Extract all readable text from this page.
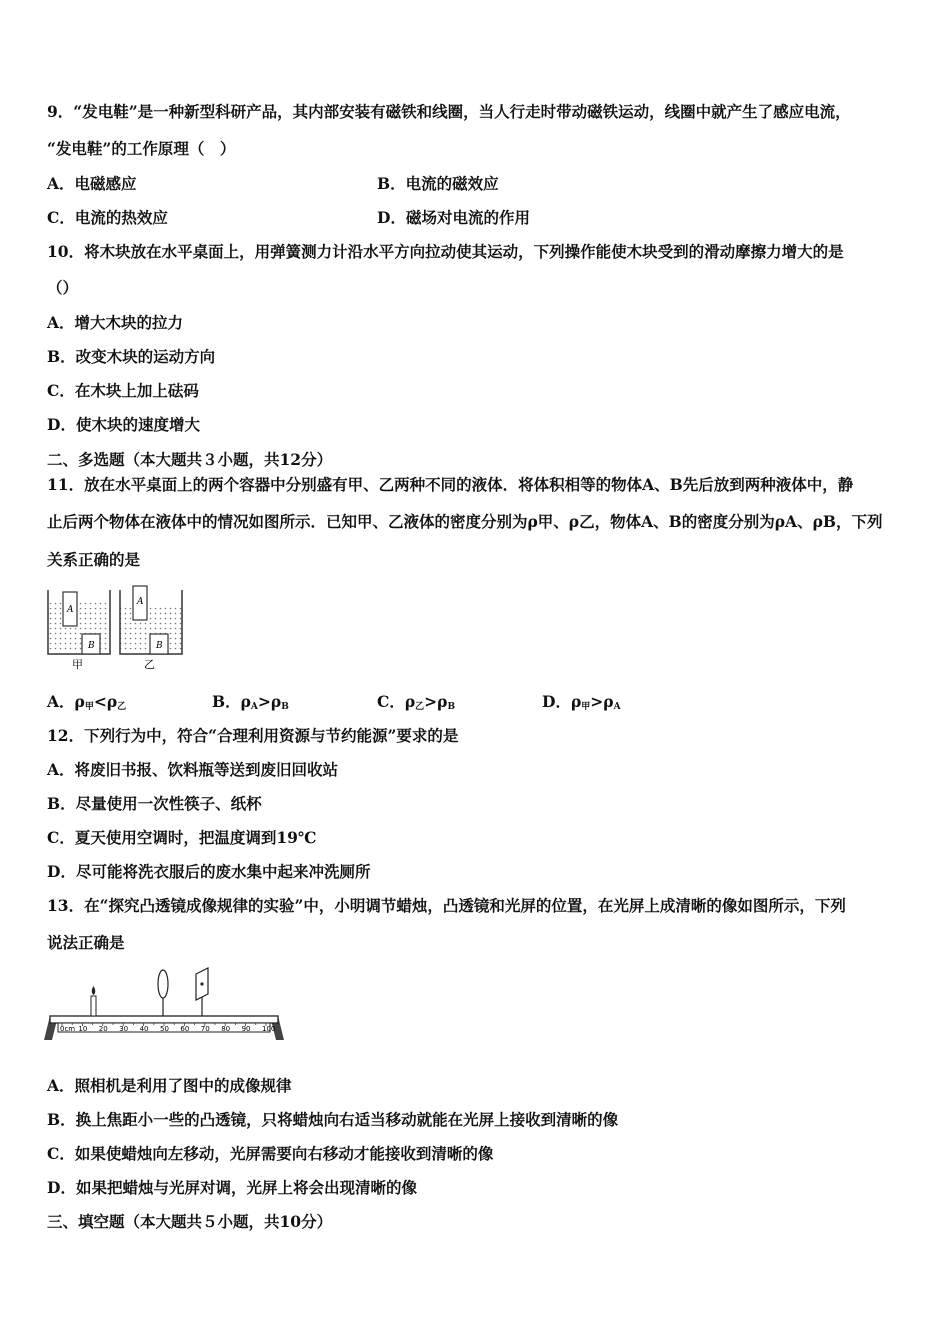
9．“发电鞋”是一种新型科研产品，其内部安装有磁铁和线圈，当人行走时带动磁铁运动，线圈中就产生了感应电流，
“发电鞋”的工作原理（　）
A．电磁感应	B．电流的磁效应
C．电流的热效应	D．磁场对电流的作用
10．将木块放在水平桌面上，用弹簧测力计沿水平方向拉动使其运动，下列操作能使木块受到的滑动摩擦力增大的是
（）
A．增大木块的拉力
B．改变木块的运动方向
C．在木块上加上砝码
D．使木块的速度增大
二、多选题（本大题共３小题，共12分）
11．放在水平桌面上的两个容器中分别盛有甲、乙两种不同的液体．将体积相等的物体A、B先后放到两种液体中，静
止后两个物体在液体中的情况如图所示．已知甲、乙液体的密度分别为ρ甲、ρ乙，物体A、B的密度分别为ρA、ρB，下列
关系正确的是
A
B
甲
A
B
乙
A．$\rho_甲<\rho_乙$	B．$\rho_A>\rho_B$	C．$\rho_乙>\rho_B$	D．$\rho_甲>\rho_A$
12．下列行为中，符合“合理利用资源与节约能源”要求的是
A．将废旧书报、饮料瓶等送到废旧回收站
B．尽量使用一次性筷子、纸杯
C．夏天使用空调时，把温度调到19℃
D．尽可能将洗衣服后的废水集中起来冲洗厕所
13．在“探究凸透镜成像规律的实验”中，小明调节蜡烛，凸透镜和光屏的位置，在光屏上成清晰的像如图所示，下列
说法正确是
0cm 10 20 30 40 50 60 70 80 90 100
A．照相机是利用了图中的成像规律
B．换上焦距小一些的凸透镜，只将蜡烛向右适当移动就能在光屏上接收到清晰的像
C．如果使蜡烛向左移动，光屏需要向右移动才能接收到清晰的像
D．如果把蜡烛与光屏对调，光屏上将会出现清晰的像
三、填空题（本大题共５小题，共10分）
